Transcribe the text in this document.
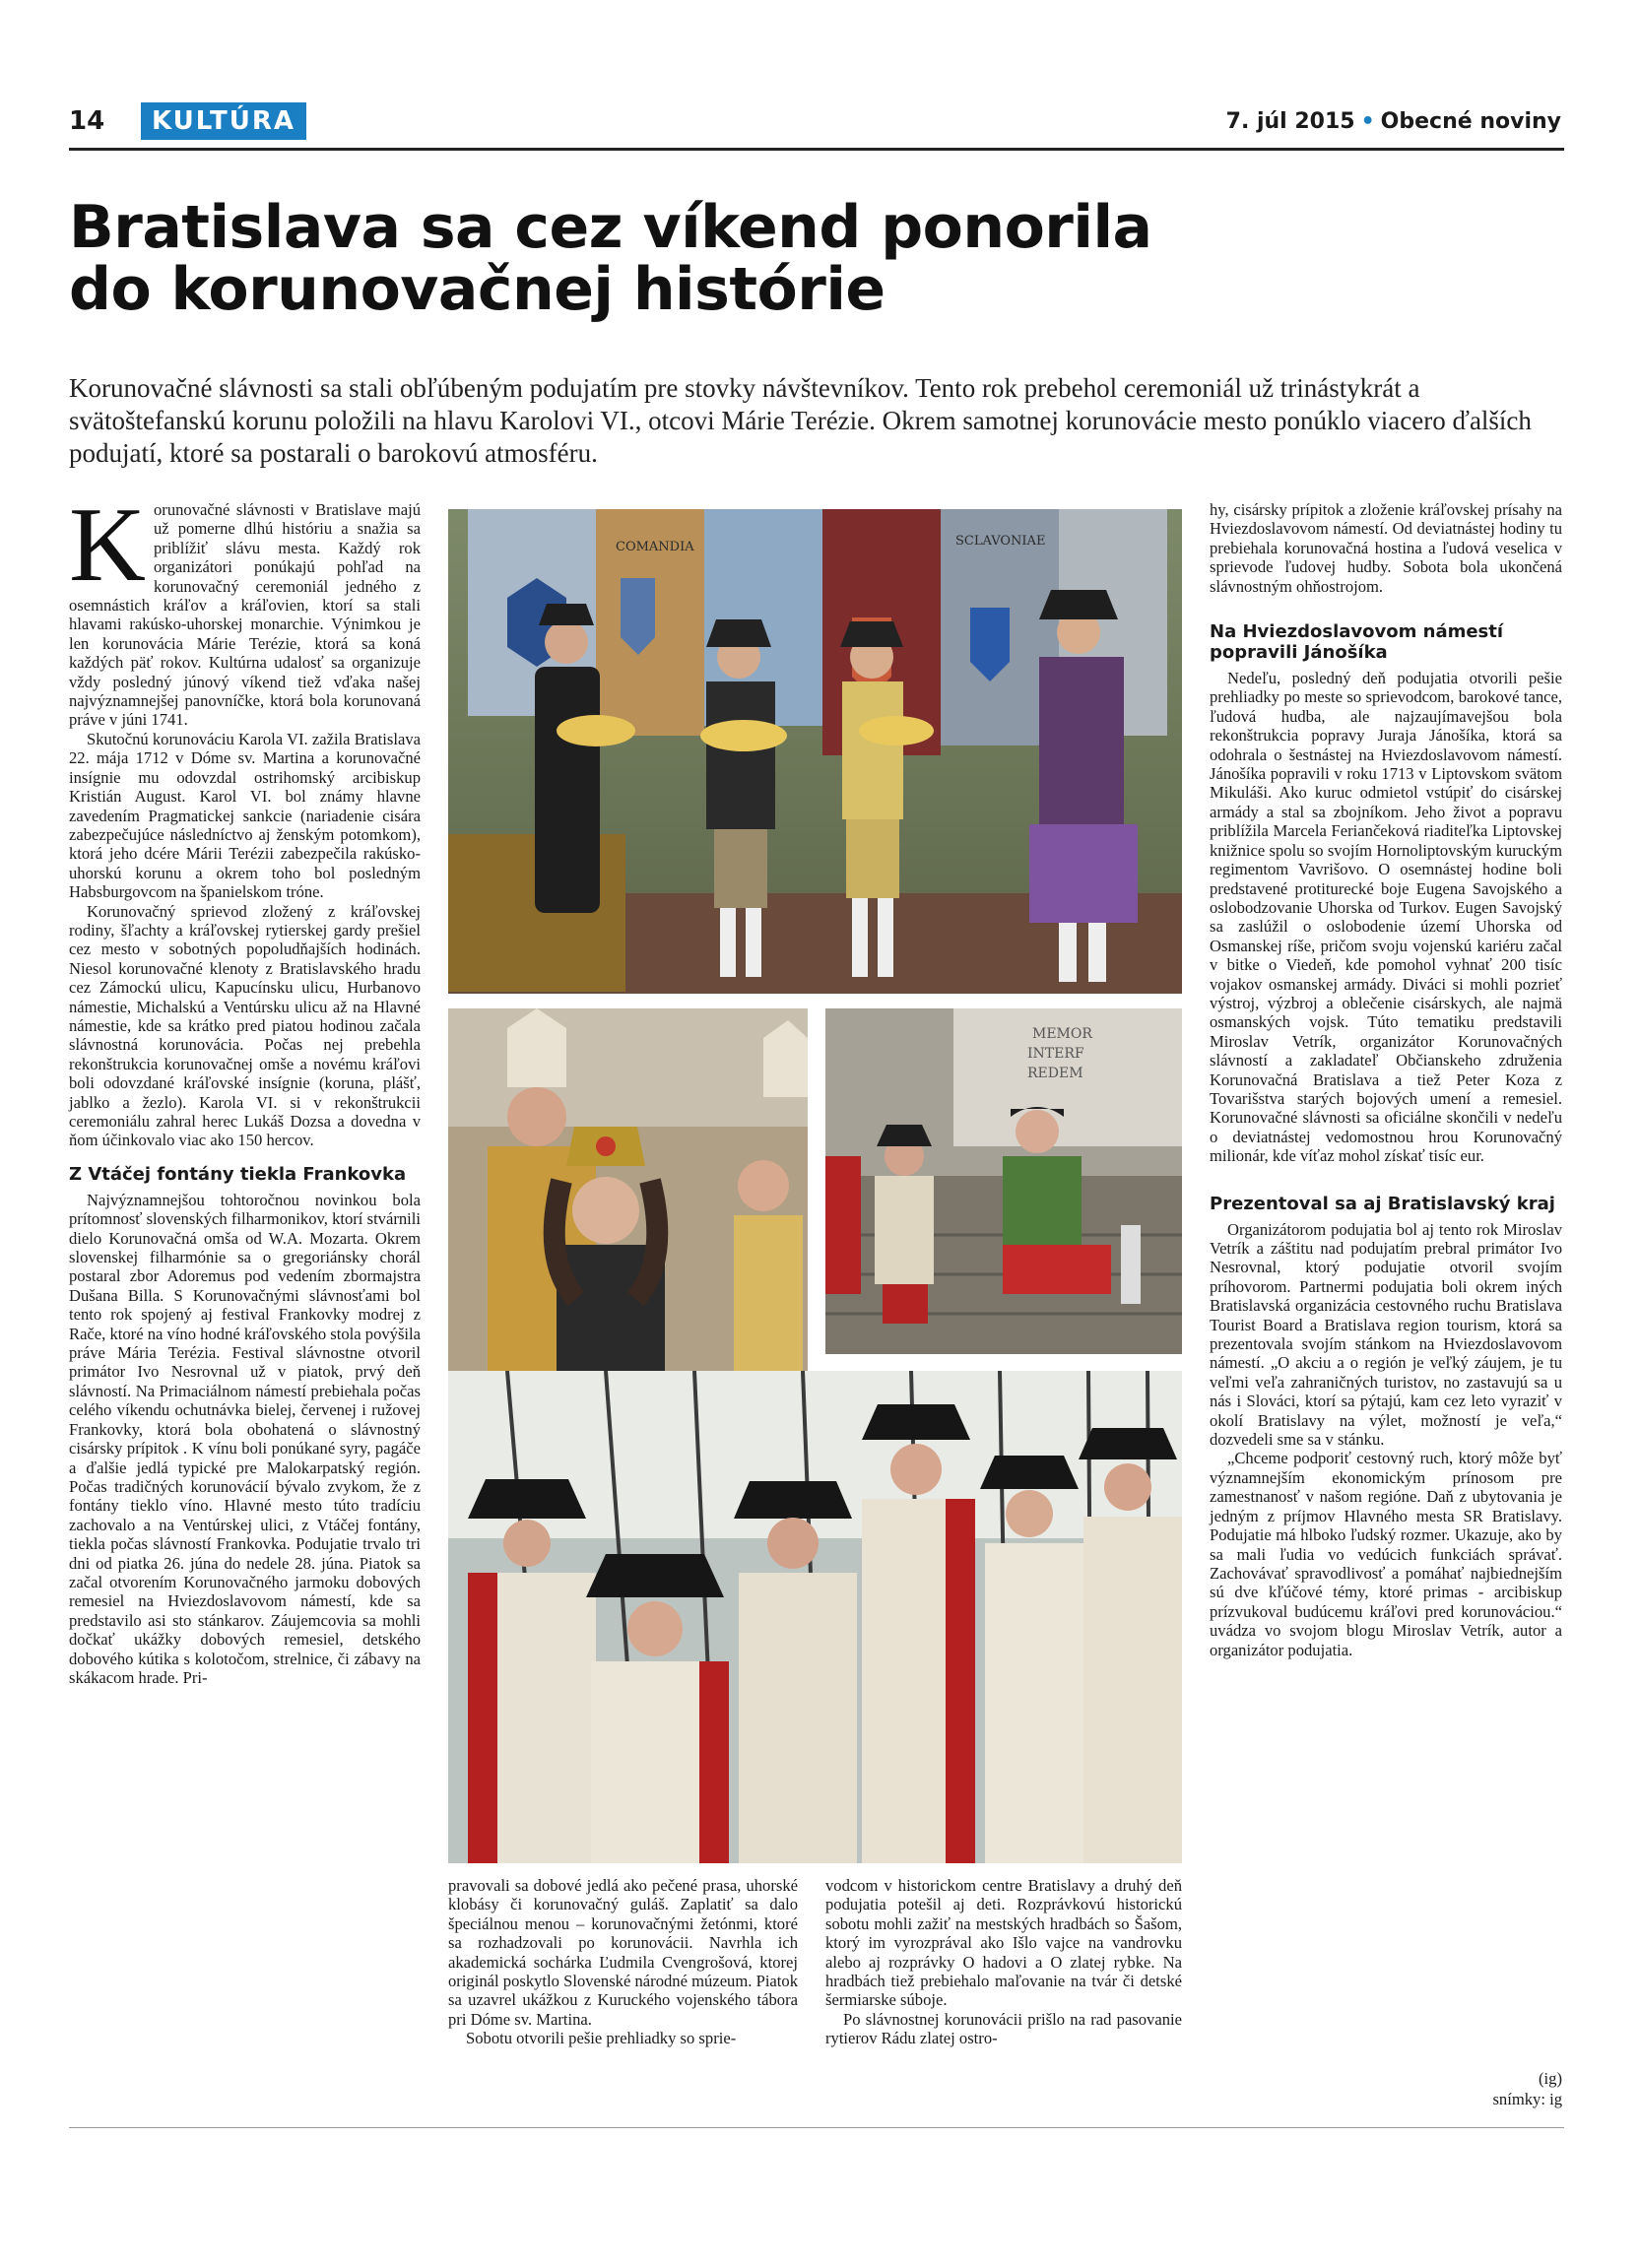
14	KULTÚRA	7. júl 2015 • Obecné noviny
Bratislava sa cez víkend ponorila
do korunovačnej histórie
Korunovačné slávnosti sa stali obľúbeným podujatím pre stovky návštevníkov. Tento rok prebehol ceremoniál už trinástykrát a svätoštefanskú korunu položili na hlavu Karolovi VI., otcovi Márie Terézie. Okrem samotnej korunovácie mesto ponúklo viacero ďalších podujatí, ktoré sa postarali o barokovú atmosféru.

Korunovačné slávnosti v Bratislave majú už pomerne dlhú históriu a snažia sa priblížiť slávu mesta. Každý rok organizátori ponúkajú pohľad na korunovačný ceremoniál jedného z osemnástich kráľov a kráľovien, ktorí sa stali hlavami rakúsko-uhorskej monarchie. Výnimkou je len korunovácia Márie Terézie, ktorá sa koná každých päť rokov. Kultúrna udalosť sa organizuje vždy posledný júnový víkend tiež vďaka našej najvýznamnejšej panovníčke, ktorá bola korunovaná práve v júni 1741.

Skutočnú korunováciu Karola VI. zažila Bratislava 22. mája 1712 v Dóme sv. Martina a korunovačné insígnie mu odovzdal ostrihomský arcibiskup Kristián August. Karol VI. bol známy hlavne zavedením Pragmatickej sankcie (nariadenie cisára zabezpečujúce následníctvo aj ženským potomkom), ktorá jeho dcére Márii Terézii zabezpečila rakúsko-uhorskú korunu a okrem toho bol posledným Habsburgovcom na španielskom tróne.

Korunovačný sprievod zložený z kráľovskej rodiny, šľachty a kráľovskej rytierskej gardy prešiel cez mesto v sobotných popoludňajších hodinách. Niesol korunovačné klenoty z Bratislavského hradu cez Zámockú ulicu, Kapucínsku ulicu, Hurbanovo námestie, Michalskú a Ventúrsku ulicu až na Hlavné námestie, kde sa krátko pred piatou hodinou začala slávnostná korunovácia. Počas nej prebehla rekonštrukcia korunovačnej omše a novému kráľovi boli odovzdané kráľovské insígnie (koruna, plášť, jablko a žezlo). Karola VI. si v rekonštrukcii ceremoniálu zahral herec Lukáš Dozsa a dovedna v ňom účinkovalo viac ako 150 hercov.

Z Vtáčej fontány tiekla Frankovka

Najvýznamnejšou tohtoročnou novinkou bola prítomnosť slovenských filharmonikov, ktorí stvárnili dielo Korunovačná omša od W.A. Mozarta. Okrem slovenskej filharmónie sa o gregoriánsky chorál postaral zbor Adoremus pod vedením zbormajstra Dušana Billa. S Korunovačnými slávnosťami bol tento rok spojený aj festival Frankovky modrej z Rače, ktoré na víno hodné kráľovského stola povýšila práve Mária Terézia. Festival slávnostne otvoril primátor Ivo Nesrovnal už v piatok, prvý deň slávností. Na Primaciálnom námestí prebiehala počas celého víkendu ochutnávka bielej, červenej i ružovej Frankovky, ktorá bola obohatená o slávnostný cisársky prípitok . K vínu boli ponúkané syry, pagáče a ďalšie jedlá typické pre Malokarpatský región. Počas tradičných korunovácií bývalo zvykom, že z fontány tieklo víno. Hlavné mesto túto tradíciu zachovalo a na Ventúrskej ulici, z Vtáčej fontány, tiekla počas slávností Frankovka. Podujatie trvalo tri dni od piatka 26. júna do nedele 28. júna. Piatok sa začal otvorením Korunovačného jarmoku dobových remesiel na Hviezdoslavovom námestí, kde sa predstavilo asi sto stánkarov. Záujemcovia sa mohli dočkať ukážky dobových remesiel, detského dobového kútika s kolotočom, strelnice, či zábavy na skákacom hrade. Pri-

pravovali sa dobové jedlá ako pečené prasa, uhorské klobásy či korunovačný guláš. Zaplatiť sa dalo špeciálnou menou – korunovačnými žetónmi, ktoré sa rozhadzovali po korunovácii. Navrhla ich akademická sochárka Ľudmila Cvengrošová, ktorej originál poskytlo Slovenské národné múzeum. Piatok sa uzavrel ukážkou z Kuruckého vojenského tábora pri Dóme sv. Martina.

Sobotu otvorili pešie prehliadky so sprie-

vodcom v historickom centre Bratislavy a druhý deň podujatia potešil aj deti. Rozprávkovú historickú sobotu mohli zažiť na mestských hradbách so Šašom, ktorý im vyrozprával ako Išlo vajce na vandrovku alebo aj rozprávky O hadovi a O zlatej rybke. Na hradbách tiež prebiehalo maľovanie na tvár či detské šermiarske súboje.

Po slávnostnej korunovácii prišlo na rad pasovanie rytierov Rádu zlatej ostro-

hy, cisársky prípitok a zloženie kráľovskej prísahy na Hviezdoslavovom námestí. Od deviatnástej hodiny tu prebiehala korunovačná hostina a ľudová veselica v sprievode ľudovej hudby. Sobota bola ukončená slávnostným ohňostrojom.

Na Hviezdoslavovom námestí popravili Jánošíka

Nedeľu, posledný deň podujatia otvorili pešie prehliadky po meste so sprievodcom, barokové tance, ľudová hudba, ale najzaujímavejšou bola rekonštrukcia popravy Juraja Jánošíka, ktorá sa odohrala o šestnástej na Hviezdoslavovom námestí. Jánošíka popravili v roku 1713 v Liptovskom svätom Mikuláši. Ako kuruc odmietol vstúpiť do cisárskej armády a stal sa zbojníkom. Jeho život a popravu priblížila Marcela Feriančeková riaditeľka Liptovskej knižnice spolu so svojím Hornoliptovským kuruckým regimentom Vavrišovo. O osemnástej hodine boli predstavené protiturecké boje Eugena Savojského a oslobodzovanie Uhorska od Turkov. Eugen Savojský sa zaslúžil o oslobodenie území Uhorska od Osmanskej ríše, pričom svoju vojenskú kariéru začal v bitke o Viedeň, kde pomohol vyhnať 200 tisíc vojakov osmanskej armády. Diváci si mohli pozrieť výstroj, výzbroj a oblečenie cisárskych, ale najmä osmanských vojsk. Túto tematiku predstavili Miroslav Vetrík, organizátor Korunovačných slávností a zakladateľ Občianskeho združenia Korunovačná Bratislava a tiež Peter Koza z Tovarišstva starých bojových umení a remesiel. Korunovačné slávnosti sa oficiálne skončili v nedeľu o deviatnástej vedomostnou hrou Korunovačný milionár, kde víťaz mohol získať tisíc eur.

Prezentoval sa aj Bratislavský kraj

Organizátorom podujatia bol aj tento rok Miroslav Vetrík a záštitu nad podujatím prebral primátor Ivo Nesrovnal, ktorý podujatie otvoril svojím príhovorom. Partnermi podujatia boli okrem iných Bratislavská organizácia cestovného ruchu Bratislava Tourist Board a Bratislava region tourism, ktorá sa prezentovala svojím stánkom na Hviezdoslavovom námestí. „O akciu a o región je veľký záujem, je tu veľmi veľa zahraničných turistov, no zastavujú sa u nás i Slováci, ktorí sa pýtajú, kam cez leto vyraziť v okolí Bratislavy na výlet, možností je veľa,“ dozvedeli sme sa v stánku.

„Chceme podporiť cestovný ruch, ktorý môže byť významnejším ekonomickým prínosom pre zamestnanosť v našom regióne. Daň z ubytovania je jedným z príjmov Hlavného mesta SR Bratislavy. Podujatie má hlboko ľudský rozmer. Ukazuje, ako by sa mali ľudia vo vedúcich funkciách správať. Zachovávať spravodlivosť a pomáhať najbiednejším sú dve kľúčové témy, ktoré primas - arcibiskup prízvukoval budúcemu kráľovi pred korunováciou.“ uvádza vo svojom blogu Miroslav Vetrík, autor a organizátor podujatia.

(ig)
snímky: ig
COMANDIA	SCLAVONIAE
MEMOR
INTERF
REDEM
